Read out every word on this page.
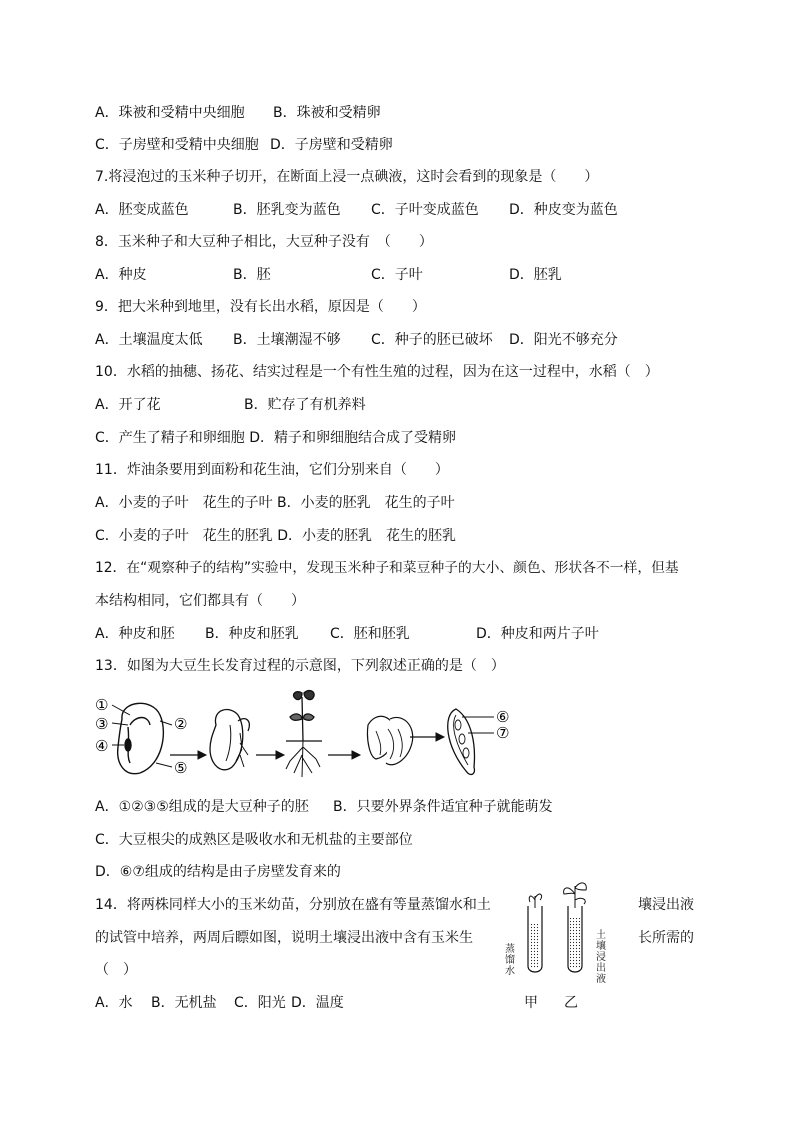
A．珠被和受精中央细胞 B．珠被和受精卵
C．子房壁和受精中央细胞 D．子房壁和受精卵
7.将浸泡过的玉米种子切开，在断面上浸一点碘液，这时会看到的现象是（　　）
A．胚变成蓝色	B．胚乳变为蓝色 C．子叶变成蓝色 D．种皮变为蓝色
8．玉米种子和大豆种子相比，大豆种子没有　（　　）
A．种皮	B．胚	C．子叶	D．胚乳
9．把大米种到地里，没有长出水稻，原因是（　　）
A．土壤温度太低 B．土壤潮湿不够 C．种子的胚已破坏 D．阳光不够充分
10．水稻的抽穗、扬花、结实过程是一个有性生殖的过程，因为在这一过程中，水稻（　）
A．开了花	B．贮存了有机养料
C．产生了精子和卵细胞 D．精子和卵细胞结合成了受精卵
11．炸油条要用到面粉和花生油，它们分别来自（　　）
A．小麦的子叶　花生的子叶 B．小麦的胚乳　花生的子叶
C．小麦的子叶　花生的胚乳 D．小麦的胚乳　花生的胚乳
12．在“观察种子的结构”实验中，发现玉米种子和菜豆种子的大小、颜色、形状各不一样，但基
本结构相同，它们都具有（　　）
A．种皮和胚 B．种皮和胚乳 C．胚和胚乳	D．种皮和两片子叶
13．如图为大豆生长发育过程的示意图，下列叙述正确的是（　）
①
③
④
②
⑤
⑥
⑦
A．①②③⑤组成的是大豆种子的胚 B．只要外界条件适宜种子就能萌发
C．大豆根尖的成熟区是吸收水和无机盐的主要部位
D．⑥⑦组成的结构是由子房壁发育来的
14．将两株同样大小的玉米幼苗，分别放在盛有等量蒸馏水和土	壤浸出液
的试管中培养，两周后瞟如图，说明土壤浸出液中含有玉米生	长所需的
（　）
A．水 B．无机盐 C．阳光 D．温度
蒸馏水
土壤浸出液
甲 乙
